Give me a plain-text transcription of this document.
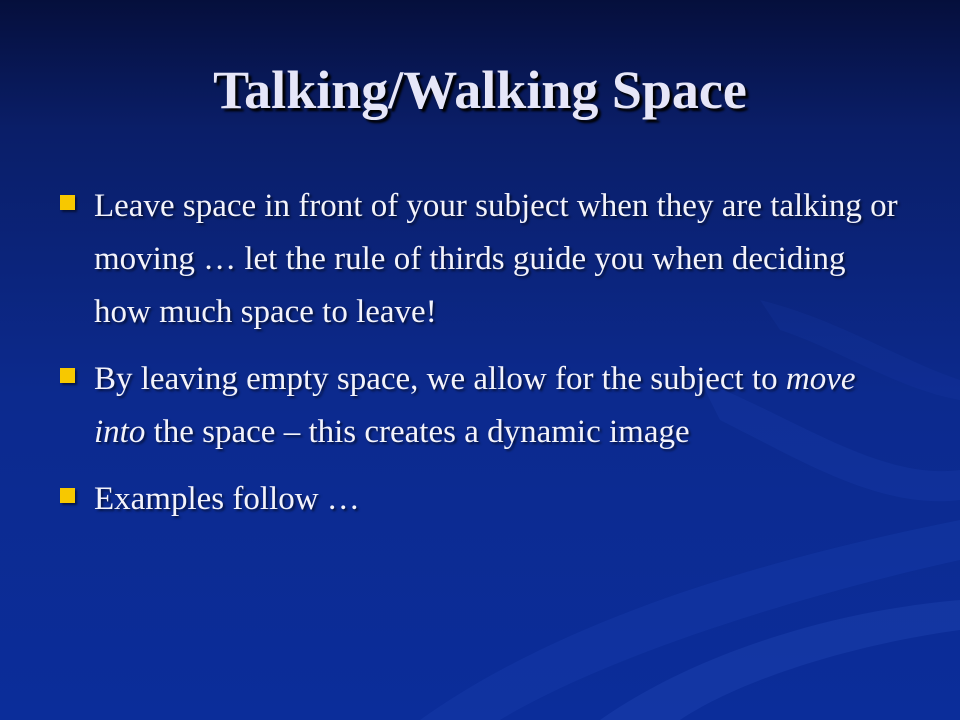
Talking/Walking Space
Leave space in front of your subject when they are talking or moving … let the rule of thirds guide you when deciding how much space to leave!
By leaving empty space, we allow for the subject to move into the space – this creates a dynamic image
Examples follow …
